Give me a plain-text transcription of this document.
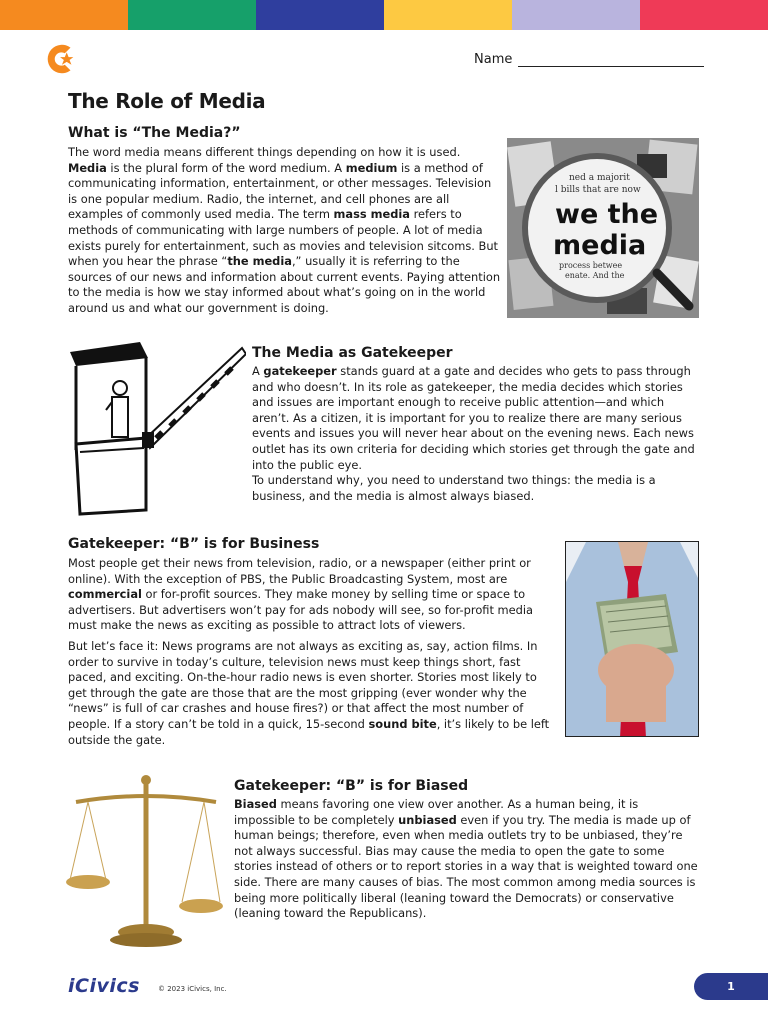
Name
The Role of Media
What is “The Media?”

The word media means different things depending on how it is used. Media is the plural form of the word medium. A medium is a method of communicating information, entertainment, or other messages. Television is one popular medium. Radio, the internet, and cell phones are all examples of commonly used media. The term mass media refers to methods of communicating with large numbers of people. A lot of media exists purely for entertainment, such as movies and television sitcoms. But when you hear the phrase “the media,” usually it is referring to the sources of our news and information about current events. Paying attention to the media is how we stay informed about what’s going on in the world around us and what our government is doing.

ned a majorit
l bills that are now
we the
media
process betwee
enate. And the
The Media as Gatekeeper

A gatekeeper stands guard at a gate and decides who gets to pass through and who doesn’t. In its role as gatekeeper, the media decides which stories and issues are important enough to receive public attention—and which aren’t. As a citizen, it is important for you to realize there are many serious events and issues you will never hear about on the evening news. Each news outlet has its own criteria for deciding which stories get through the gate and into the public eye.

To understand why, you need to understand two things: the media is a business, and the media is almost always biased.

Gatekeeper: “B” is for Business

Most people get their news from television, radio, or a newspaper (either print or online). With the exception of PBS, the Public Broadcasting System, most are commercial or for-profit sources. They make money by selling time or space to advertisers. But advertisers won’t pay for ads nobody will see, so for-profit media must make the news as exciting as possible to attract lots of viewers.

But let’s face it: News programs are not always as exciting as, say, action films. In order to survive in today’s culture, television news must keep things short, fast paced, and exciting. On-the-hour radio news is even shorter. Stories most likely to get through the gate are those that are the most gripping (ever wonder why the “news” is full of car crashes and house fires?) or that affect the most number of people. If a story can’t be told in a quick, 15-second sound bite, it’s likely to be left outside the gate.

Gatekeeper: “B” is for Biased

Biased means favoring one view over another. As a human being, it is impossible to be completely unbiased even if you try. The media is made up of human beings; therefore, even when media outlets try to be unbiased, they’re not always successful. Bias may cause the media to open the gate to some stories instead of others or to report stories in a way that is weighted toward one side. There are many causes of bias. The most common among media sources is being more politically liberal (leaning toward the Democrats) or conservative (leaning toward the Republicans).

iCivics	© 2023 iCivics, Inc.	1
